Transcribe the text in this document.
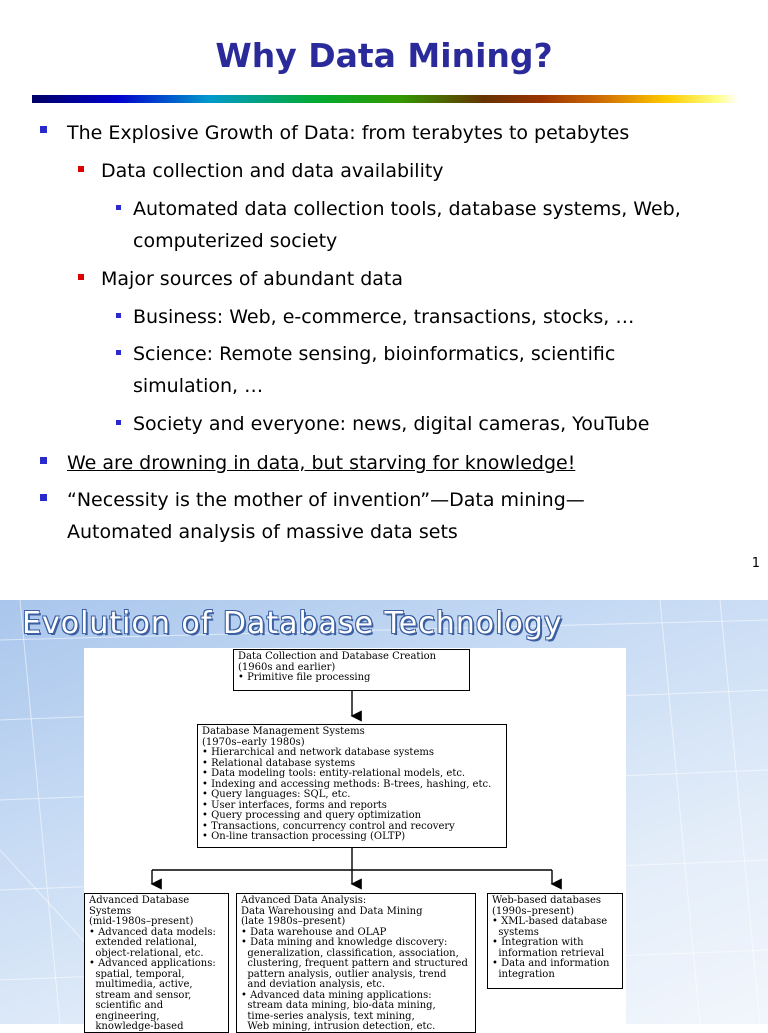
Why Data Mining?
The Explosive Growth of Data: from terabytes to petabytes
Data collection and data availability
Automated data collection tools, database systems, Web,
computerized society
Major sources of abundant data
Business: Web, e-commerce, transactions, stocks, …
Science: Remote sensing, bioinformatics, scientific
simulation, …
Society and everyone: news, digital cameras, YouTube
We are drowning in data, but starving for knowledge!
“Necessity is the mother of invention”—Data mining—
Automated analysis of massive data sets
1
Evolution of Database Technology
Data Collection and Database Creation
(1960s and earlier)
• Primitive file processing
Database Management Systems
(1970s–early 1980s)
• Hierarchical and network database systems
• Relational database systems
• Data modeling tools: entity-relational models, etc.
• Indexing and accessing methods: B-trees, hashing, etc.
• Query languages: SQL, etc.
• User interfaces, forms and reports
• Query processing and query optimization
• Transactions, concurrency control and recovery
• On-line transaction processing (OLTP)
Advanced Database
Systems
(mid-1980s–present)
• Advanced data models:
extended relational,
object-relational, etc.
• Advanced applications:
spatial, temporal,
multimedia, active,
stream and sensor,
scientific and
engineering,
knowledge-based
Advanced Data Analysis:
Data Warehousing and Data Mining
(late 1980s–present)
• Data warehouse and OLAP
• Data mining and knowledge discovery:
generalization, classification, association,
clustering, frequent pattern and structured
pattern analysis, outlier analysis, trend
and deviation analysis, etc.
• Advanced data mining applications:
stream data mining, bio-data mining,
time-series analysis, text mining,
Web mining, intrusion detection, etc.
Web-based databases
(1990s–present)
• XML-based database
systems
• Integration with
information retrieval
• Data and information
integration
